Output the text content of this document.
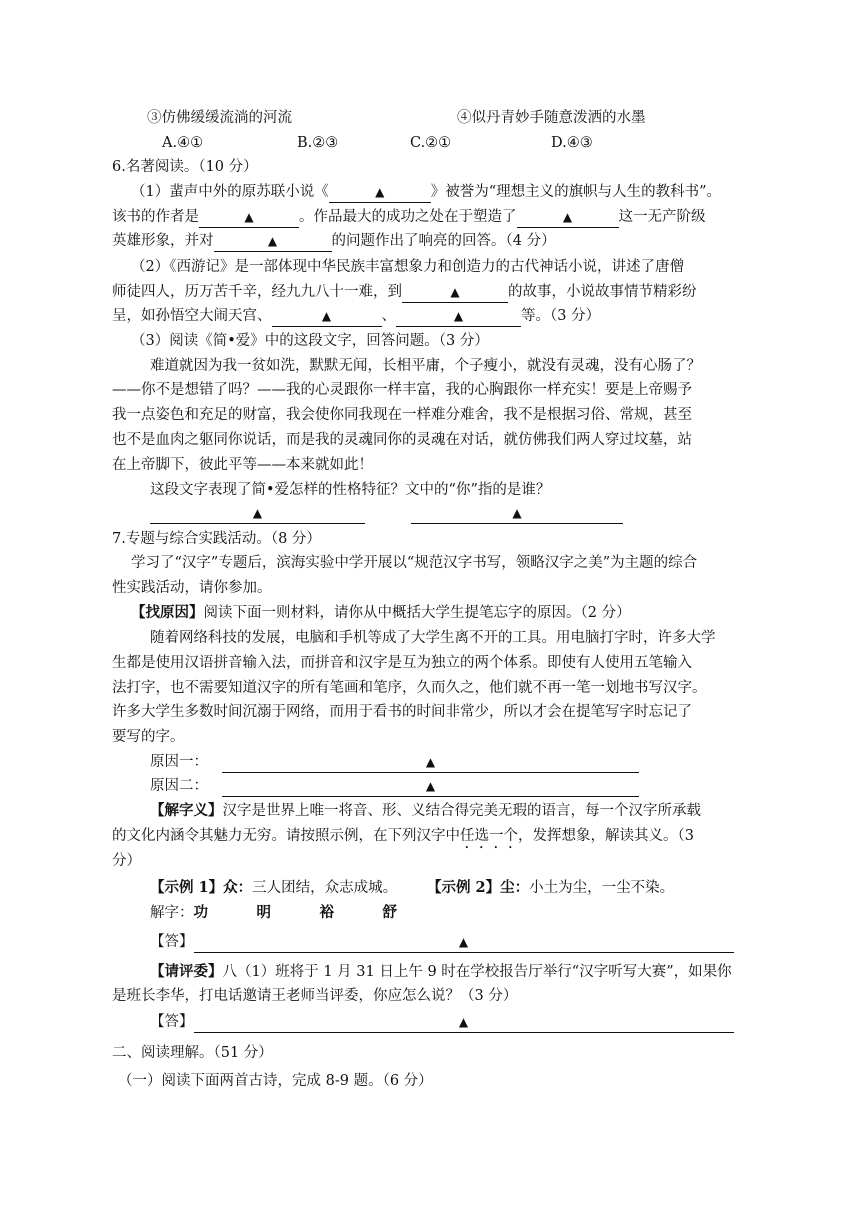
③仿佛缓缓流淌的河流	④似丹青妙手随意泼洒的水墨
A.④①	B.②③	C.②①	D.④③
6.名著阅读。（10 分）
（1）蜚声中外的原苏联小说《	▲	》被誉为“理想主义的旗帜与人生的教科书”。
该书的作者是	▲	。作品最大的成功之处在于塑造了	▲	这一无产阶级
英雄形象，并对	▲	的问题作出了响亮的回答。（4 分）
（2）《西游记》是一部体现中华民族丰富想象力和创造力的古代神话小说，讲述了唐僧
师徒四人，历万苦千辛，经九九八十一难，到	▲	的故事，小说故事情节精彩纷
呈，如孙悟空大闹天宫、	▲	、	▲	等。（3 分）
（3）阅读《简•爱》中的这段文字，回答问题。（3 分）
难道就因为我一贫如洗，默默无闻，长相平庸，个子瘦小，就没有灵魂，没有心肠了？
——你不是想错了吗？——我的心灵跟你一样丰富，我的心胸跟你一样充实！要是上帝赐予
我一点姿色和充足的财富，我会使你同我现在一样难分难舍，我不是根据习俗、常规，甚至
也不是血肉之躯同你说话，而是我的灵魂同你的灵魂在对话，就仿佛我们两人穿过坟墓，站
在上帝脚下，彼此平等——本来就如此！
这段文字表现了简•爱怎样的性格特征？文中的“你”指的是谁？
▲	▲
7.专题与综合实践活动。（8 分）
学习了“汉字”专题后，滨海实验中学开展以“规范汉字书写，领略汉字之美”为主题的综合
性实践活动，请你参加。
【找原因】阅读下面一则材料，请你从中概括大学生提笔忘字的原因。（2 分）
随着网络科技的发展，电脑和手机等成了大学生离不开的工具。用电脑打字时，许多大学
生都是使用汉语拼音输入法，而拼音和汉字是互为独立的两个体系。即使有人使用五笔输入
法打字，也不需要知道汉字的所有笔画和笔序，久而久之，他们就不再一笔一划地书写汉字。
许多大学生多数时间沉溺于网络，而用于看书的时间非常少，所以才会在提笔写字时忘记了
要写的字。
原因一：	▲
原因二：	▲
【解字义】汉字是世界上唯一将音、形、义结合得完美无瑕的语言，每一个汉字所承载
的文化内涵令其魅力无穷。请按照示例，在下列汉字中任选一个，发挥想象，解读其义。（3
分）
【示例 1】众：三人团结，众志成城。 【示例 2】尘：小土为尘，一尘不染。
解字：功	明	裕	舒
【答】	▲
【请评委】八（1）班将于 1 月 31 日上午 9 时在学校报告厅举行“汉字听写大赛”，如果你
是班长李华，打电话邀请王老师当评委，你应怎么说？（3 分）
【答】	▲
二、阅读理解。（51 分）
（一）阅读下面两首古诗，完成 8-9 题。（6 分）
